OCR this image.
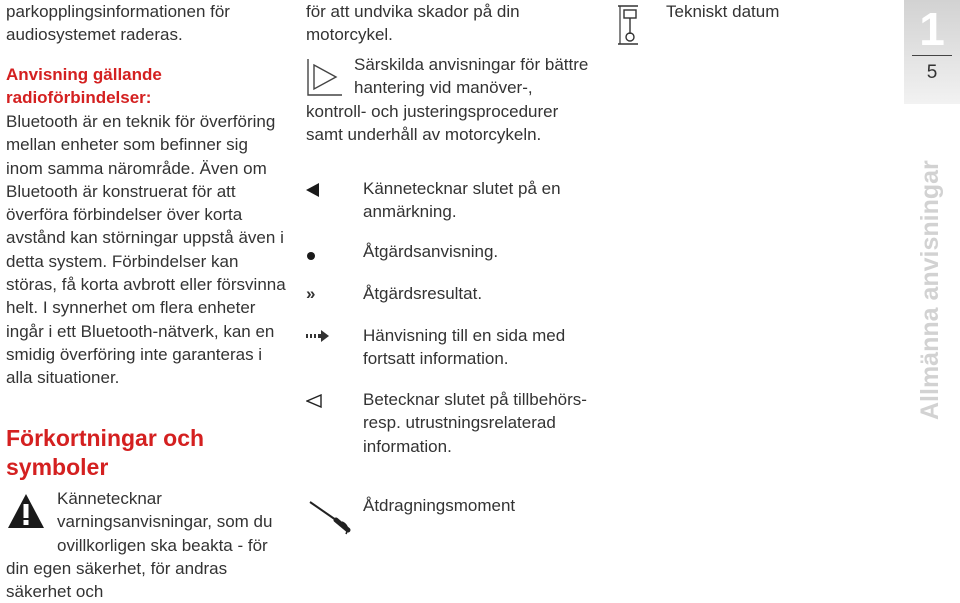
parkopplingsinformationen för audiosystemet raderas.

Anvisning gällande radioförbindelser:

Bluetooth är en teknik för överföring mellan enheter som befinner sig inom samma närområde. Även om Bluetooth är konstruerat för att överföra förbindelser över korta avstånd kan störningar uppstå även i detta system. Förbindelser kan störas, få korta avbrott eller försvinna helt. I synnerhet om flera enheter ingår i ett Bluetooth-nätverk, kan en smidig överföring inte garanteras i alla situationer.

Förkortningar och symboler

Kännetecknar varningsanvisningar, som du ovillkorligen ska beakta - för din egen säkerhet, för andras säkerhet och

för att undvika skador på din motorcykel.

Särskilda anvisningar för bättre hantering vid manöver-, kontroll- och justeringsprocedurer samt underhåll av motorcykeln.

Kännetecknar slutet på en anmärkning.

Åtgärdsanvisning.

»	Åtgärdsresultat.

Hänvisning till en sida med fortsatt information.

Betecknar slutet på tillbehörs- resp. utrustningsrelaterad information.

Åtdragningsmoment

Tekniskt datum	1
5
Allmänna anvisningar
